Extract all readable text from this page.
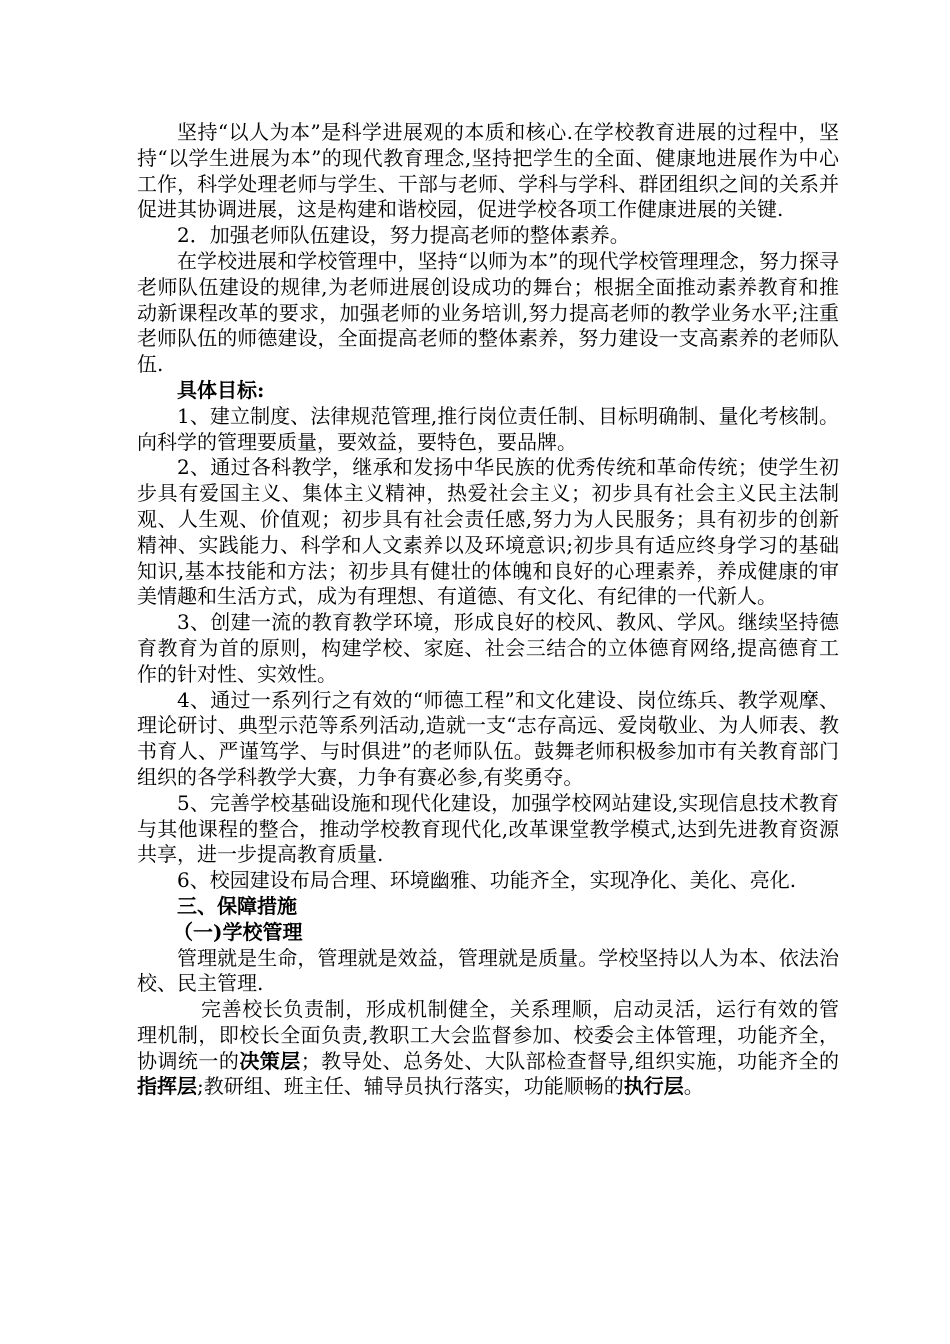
坚持“以人为本”是科学进展观的本质和核心.在学校教育进展的过程中，坚持“以学生进展为本”的现代教育理念,坚持把学生的全面、健康地进展作为中心工作，科学处理老师与学生、干部与老师、学科与学科、群团组织之间的关系并促进其协调进展，这是构建和谐校园，促进学校各项工作健康进展的关键.

2．加强老师队伍建设，努力提高老师的整体素养。

在学校进展和学校管理中，坚持“以师为本”的现代学校管理理念，努力探寻老师队伍建设的规律,为老师进展创设成功的舞台；根据全面推动素养教育和推动新课程改革的要求，加强老师的业务培训,努力提高老师的教学业务水平;注重老师队伍的师德建设，全面提高老师的整体素养，努力建设一支高素养的老师队伍.

具体目标:

1、建立制度、法律规范管理,推行岗位责任制、目标明确制、量化考核制。向科学的管理要质量，要效益，要特色，要品牌。

2、通过各科教学，继承和发扬中华民族的优秀传统和革命传统；使学生初步具有爱国主义、集体主义精神，热爱社会主义；初步具有社会主义民主法制观、人生观、价值观；初步具有社会责任感,努力为人民服务；具有初步的创新精神、实践能力、科学和人文素养以及环境意识;初步具有适应终身学习的基础知识,基本技能和方法；初步具有健壮的体魄和良好的心理素养，养成健康的审美情趣和生活方式，成为有理想、有道德、有文化、有纪律的一代新人。

3、创建一流的教育教学环境，形成良好的校风、教风、学风。继续坚持德育教育为首的原则，构建学校、家庭、社会三结合的立体德育网络,提高德育工作的针对性、实效性。

4、通过一系列行之有效的“师德工程”和文化建设、岗位练兵、教学观摩、理论研讨、典型示范等系列活动,造就一支“志存高远、爱岗敬业、为人师表、教书育人、严谨笃学、与时俱进”的老师队伍。鼓舞老师积极参加市有关教育部门组织的各学科教学大赛，力争有赛必参,有奖勇夺。

5、完善学校基础设施和现代化建设，加强学校网站建设,实现信息技术教育与其他课程的整合，推动学校教育现代化,改革课堂教学模式,达到先进教育资源共享，进一步提高教育质量.

6、校园建设布局合理、环境幽雅、功能齐全，实现净化、美化、亮化.

三、保障措施

（一)学校管理

管理就是生命，管理就是效益，管理就是质量。学校坚持以人为本、依法治校、民主管理.

完善校长负责制，形成机制健全，关系理顺，启动灵活，运行有效的管理机制，即校长全面负责,教职工大会监督参加、校委会主体管理，功能齐全，协调统一的决策层；教导处、总务处、大队部检查督导,组织实施，功能齐全的指挥层;教研组、班主任、辅导员执行落实，功能顺畅的执行层。
